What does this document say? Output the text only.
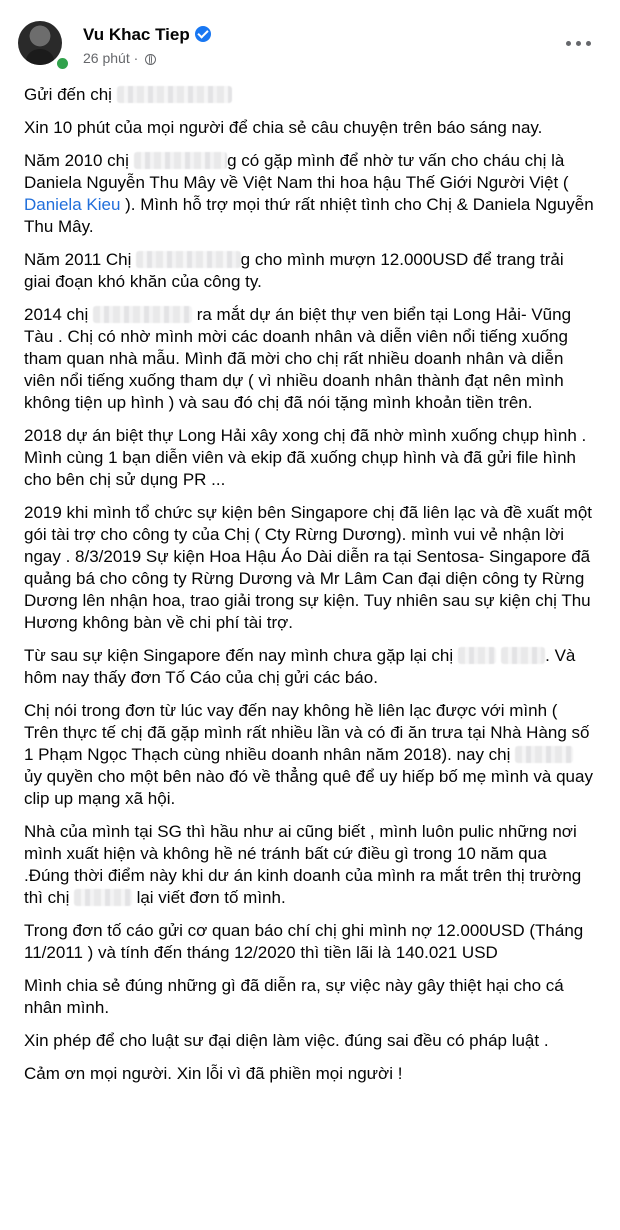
Vu Khac Tiep
26 phút ·

Gửi đến chị

Xin 10 phút của mọi người để chia sẻ câu chuyện trên báo sáng nay.

Năm 2010 chị	g có gặp mình để nhờ tư vấn cho cháu chị là Daniela Nguyễn Thu Mây về Việt Nam thi hoa hậu Thế Giới Người Việt ( Daniela Kieu ). Mình hỗ trợ mọi thứ rất nhiệt tình cho Chị & Daniela Nguyễn Thu Mây.

Năm 2011 Chị	g cho mình mượn 12.000USD để trang trải giai đoạn khó khăn của công ty.

2014 chị	ra mắt dự án biệt thự ven biển tại Long Hải- Vũng Tàu . Chị có nhờ mình mời các doanh nhân và diễn viên nổi tiếng xuống tham quan nhà mẫu. Mình đã mời cho chị rất nhiều doanh nhân và diễn viên nổi tiếng xuống tham dự ( vì nhiều doanh nhân thành đạt nên mình không tiện up hình ) và sau đó chị đã nói tặng mình khoản tiền trên.

2018 dự án biệt thự Long Hải xây xong chị đã nhờ mình xuống chụp hình . Mình cùng 1 bạn diễn viên và ekip đã xuống chụp hình và đã gửi file hình cho bên chị sử dụng PR ...

2019 khi mình tổ chức sự kiện bên Singapore chị đã liên lạc và đề xuất một gói tài trợ cho công ty của Chị ( Cty Rừng Dương). mình vui vẻ nhận lời ngay . 8/3/2019 Sự kiện Hoa Hậu Áo Dài diễn ra tại Sentosa- Singapore đã quảng bá cho công ty Rừng Dương và Mr Lâm Can đại diện công ty Rừng Dương lên nhận hoa, trao giải trong sự kiện. Tuy nhiên sau sự kiện chị Thu Hương không bàn về chi phí tài trợ.

Từ sau sự kiện Singapore đến nay mình chưa gặp lại chị	. Và hôm nay thấy đơn Tố Cáo của chị gửi các báo.

Chị nói trong đơn từ lúc vay đến nay không hề liên lạc được với mình ( Trên thực tế chị đã gặp mình rất nhiều lần và có đi ăn trưa tại Nhà Hàng số 1 Phạm Ngọc Thạch cùng nhiều doanh nhân năm 2018). nay chị  ủy quyền cho một bên nào đó về thẳng quê để uy hiếp bố mẹ mình và quay clip up mạng xã hội.

Nhà của mình tại SG thì hầu như ai cũng biết , mình luôn pulic những nơi mình xuất hiện và không hề né tránh bất cứ điều gì trong 10 năm qua .Đúng thời điểm này khi dư án kinh doanh của mình ra mắt trên thị trường thì chị	lại viết đơn tố mình.

Trong đơn tố cáo gửi cơ quan báo chí chị ghi mình nợ 12.000USD (Tháng 11/2011 ) và tính đến tháng 12/2020 thì tiền lãi là 140.021 USD

Mình chia sẻ đúng những gì đã diễn ra, sự việc này gây thiệt hại cho cá nhân mình.

Xin phép để cho luật sư đại diện làm việc. đúng sai đều có pháp luật .

Cảm ơn mọi người. Xin lỗi vì đã phiền mọi người !
